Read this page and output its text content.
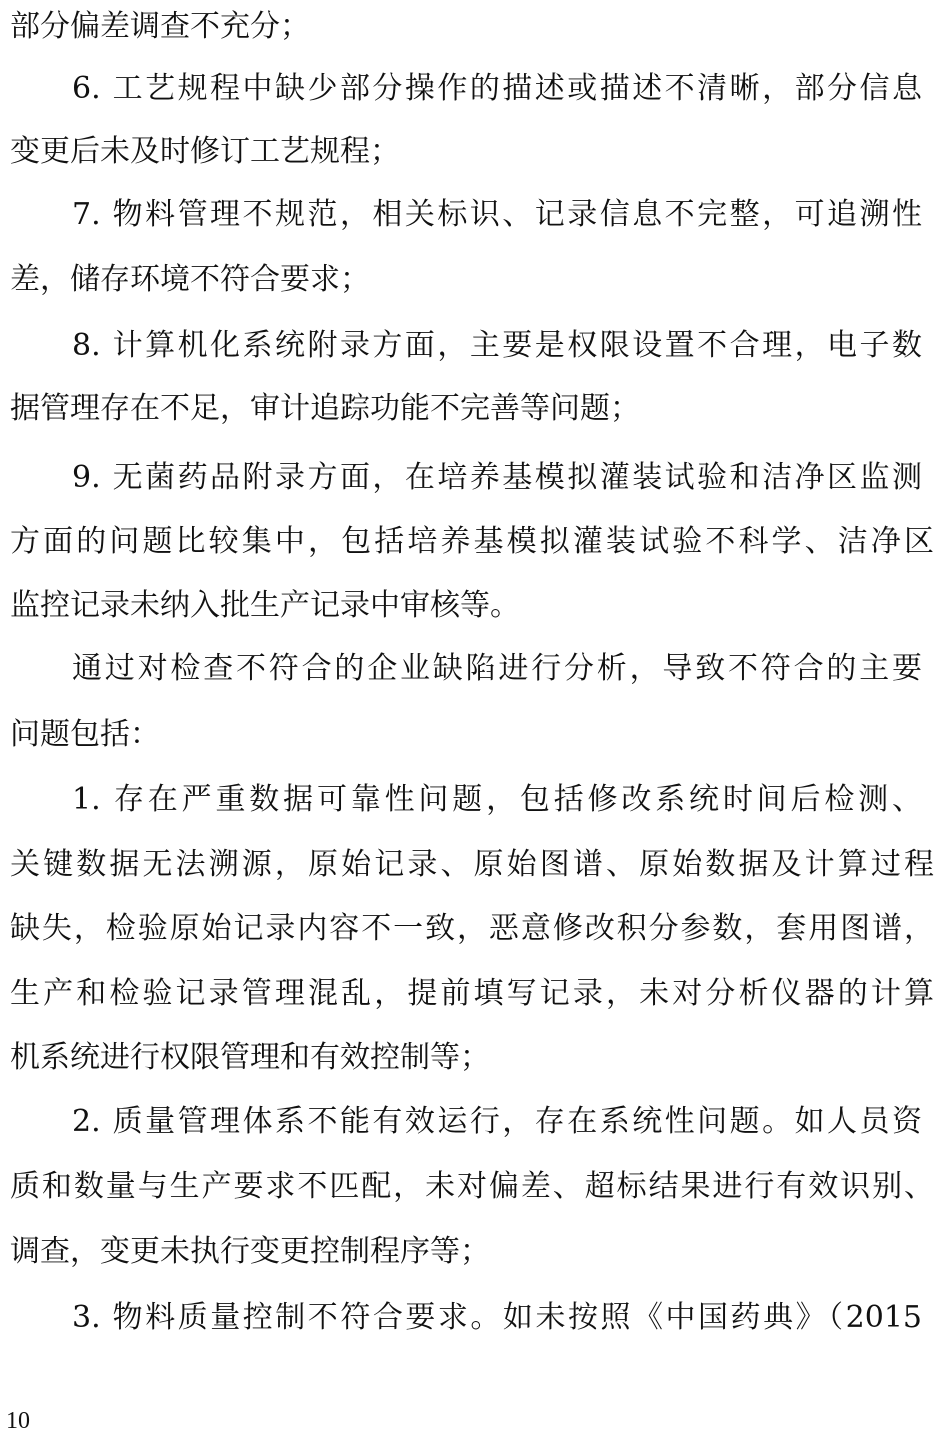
部分偏差调查不充分；
6. 工艺规程中缺少部分操作的描述或描述不清晰，部分信息
变更后未及时修订工艺规程；
7. 物料管理不规范，相关标识、记录信息不完整，可追溯性
差，储存环境不符合要求；
8. 计算机化系统附录方面，主要是权限设置不合理，电子数
据管理存在不足，审计追踪功能不完善等问题；
9. 无菌药品附录方面，在培养基模拟灌装试验和洁净区监测
方面的问题比较集中，包括培养基模拟灌装试验不科学、洁净区
监控记录未纳入批生产记录中审核等。
通过对检查不符合的企业缺陷进行分析，导致不符合的主要
问题包括：
1. 存在严重数据可靠性问题，包括修改系统时间后检测、
关键数据无法溯源，原始记录、原始图谱、原始数据及计算过程
缺失，检验原始记录内容不一致，恶意修改积分参数，套用图谱，
生产和检验记录管理混乱，提前填写记录，未对分析仪器的计算
机系统进行权限管理和有效控制等；
2. 质量管理体系不能有效运行，存在系统性问题。如人员资
质和数量与生产要求不匹配，未对偏差、超标结果进行有效识别、
调查，变更未执行变更控制程序等；
3. 物料质量控制不符合要求。如未按照《中国药典》（2015
10
